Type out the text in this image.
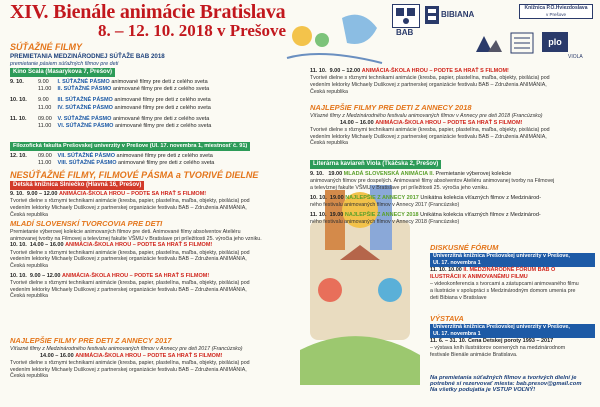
XIV. Bienále animácie Bratislava
8. – 12. 10. 2018 v Prešove	BAB
BIBIANA
Knižnica P.O.Hviezdoslava
v Prešove
plo
VIOLA
SÚŤAŽNÉ FILMY
PREMIETANIA MEDZINÁRODNEJ SÚŤAŽE BAB 2018
premietanie pásiem súťažných filmov pre deti
Kino Scala (Masarykova 7, Prešov)
9. 10.	9.00 I. SÚŤAŽNÉ PÁSMO animované filmy pre deti z celého sveta
11.00 II. SÚŤAŽNÉ PÁSMO animované filmy pre deti z celého sveta
10. 10. 9.00 III. SÚŤAŽNÉ PÁSMO animované filmy pre deti z celého sveta
11.00 IV. SÚŤAŽNÉ PÁSMO animované filmy pre deti z celého sveta
11. 10. 09.00 V. SÚŤAŽNÉ PÁSMO animované filmy pre deti z celého sveta
11.00 VI. SÚŤAŽNÉ PÁSMO animované filmy pre deti z celého sveta
Filozofická fakulta Prešovskej univerzity v Prešove (Ul. 17. novembra 1, miestnosť č. 91)
12. 10. 09.00 VII. SÚŤAŽNÉ PÁSMO animované filmy pre deti z celého sveta
11.00 VIII. SÚŤAŽNÉ PÁSMO animované filmy pre deti z celého sveta
NESÚŤAŽNÉ FILMY, FILMOVÉ PÁSMA a TVORIVÉ DIELNE
Detská knižnica Slniečko (Hlavná 16, Prešov)
9. 10. 9.00 – 12.00 ANIMÁCIA-ŠKOLA HROU – PODTE SA HRAŤ S FILMOM!
Tvorivé dielne s rôznymi technikami animácie (kresba, papier, plastelína, maľba, objekty, pixilácia) pod
vedením lektorky Michaely Duškovej z partnerskej organizácie festivalu BAB – Združenia ANIMÁNIA,
Česká republika
MLADÍ SLOVENSKÍ TVORCOVIA PRE DETI
Premietanie výberovej kolekcie animovaných filmov pre deti. Animované filmy absolventov Ateliéru
animovanej tvorby na Filmovej a televíznej fakulte VŠMU v Bratislave pri príležitosti 25. výročia jeho vzniku.
10. 10. 14.00 – 16.00 ANIMÁCIA-ŠKOLA HROU – PODTE SA HRAŤ S FILMOM!
Tvorivé dielne s rôznymi technikami animácie (kresba, papier, plastelína, maľba, objekty, pixilácia) pod
vedením lektorky Michaely Duškovej z partnerskej organizácie festivalu BAB – Združenia ANIMÁNIA,
Česká republika
10. 10. 9.00 – 12.00 ANIMÁCIA-ŠKOLA HROU – PODTE SA HRAŤ S FILMOM!
Tvorivé dielne s rôznymi technikami animácie (kresba, papier, plastelína, maľba, objekty, pixilácia) pod
vedením lektorky Michaely Duškovej z partnerskej organizácie festivalu BAB – Združenia ANIMÁNIA,
Česká republika
NAJLEPŠIE FILMY PRE DETI Z ANNECY 2017
Víťazné filmy z Medzinárodného festivalu animovaných filmov v Annecy pre deti 2017 (Francúzsko)
14.00 – 16.00 ANIMÁCIA-ŠKOLA HROU – PODTE SA HRAŤ S FILMOM!
Tvorivé dielne s rôznymi technikami animácie (kresba, papier, plastelína, maľba, objekty, pixilácia) pod
vedením lektorky Michaely Duškovej z partnerskej organizácie festivalu BAB – Združenia ANIMÁNIA,
Česká republika
11. 10. 9.00 – 12.00 ANIMÁCIA-ŠKOLA HROU – PODTE SA HRAŤ S FILMOM!
Tvorivé dielne s rôznymi technikami animácie (kresba, papier, plastelína, maľba, objekty, pixilácia) pod
vedením lektorky Michaely Duškovej z partnerskej organizácie festivalu BAB – Združenia ANIMÁNIA,
Česká republika
NAJLEPŠIE FILMY PRE DETI Z ANNECY 2018
Víťazné filmy z Medzinárodného festivalu animovaných filmov v Annecy pre deti 2018 (Francúzsko)
14.00 – 16.00 ANIMÁCIA-ŠKOLA HROU – PODTE SA HRAŤ S FILMOM!
Tvorivé dielne s rôznymi technikami animácie (kresba, papier, plastelína, maľba, objekty, pixilácia) pod
vedením lektorky Michaely Duškovej z partnerskej organizácie festivalu BAB – Združenia ANIMÁNIA,
Česká republika
Literárna kaviareň Viola (Tkáčska 2, Prešov)
9. 10. 19.00 MLADÁ SLOVENSKÁ ANIMÁCIA II. Premietanie výberovej kolekcie
animovaných filmov pre dospelých. Animované filmy absolventov Ateliéru animovanej tvorby na Filmovej
a televíznej fakulte VŠMU v Bratislave pri príležitosti 25. výročia jeho vzniku.
10. 10. 19.00 NAJLEPŠIE Z ANNECY 2017 Unikátna kolekcia víťazných filmov z Medzinárod-
ného festivalu animovaných filmov v Annecy 2017 (Francúzsko)
11. 10. 19.00 NAJLEPŠIE Z ANNECY 2018 Unikátna kolekcia víťazných filmov z Medzinárod-
ného festivalu animovaných filmov v Annecy 2018 (Francúzsko)
DISKUSNÉ FÓRUM
Univerzitná knižnica Prešovskej univerzity v Prešove,
Ul. 17. novembra 1
11. 10. 10.00 II. MEDZINÁRODNÉ FÓRUM BAB O
ILUSTRÁCII K ANIMOVANÉMU FILMU
– videokonferencia s tvorcami a zástupcami animovaného filmu
a ilustrácie v spolupráci s Medzinárodným domom umenia pre
deti Bibiana v Bratislave
VÝSTAVA
Univerzitná knižnica Prešovskej univerzity v Prešove,
Ul. 17. novembra 1
11. 6. – 31. 10. Cena Detskej poroty 1993 – 2017
– výstava kníh ilustrátorov ocenených na medzinárodnom
festivale Bienále animácie Bratislava.
Na premietania súťažných filmov a tvorivých dielní je
potrebné si rezervovať miesta: bab.presov@gmail.com
Na všetky podujatia je VSTUP VOĽNÝ!
